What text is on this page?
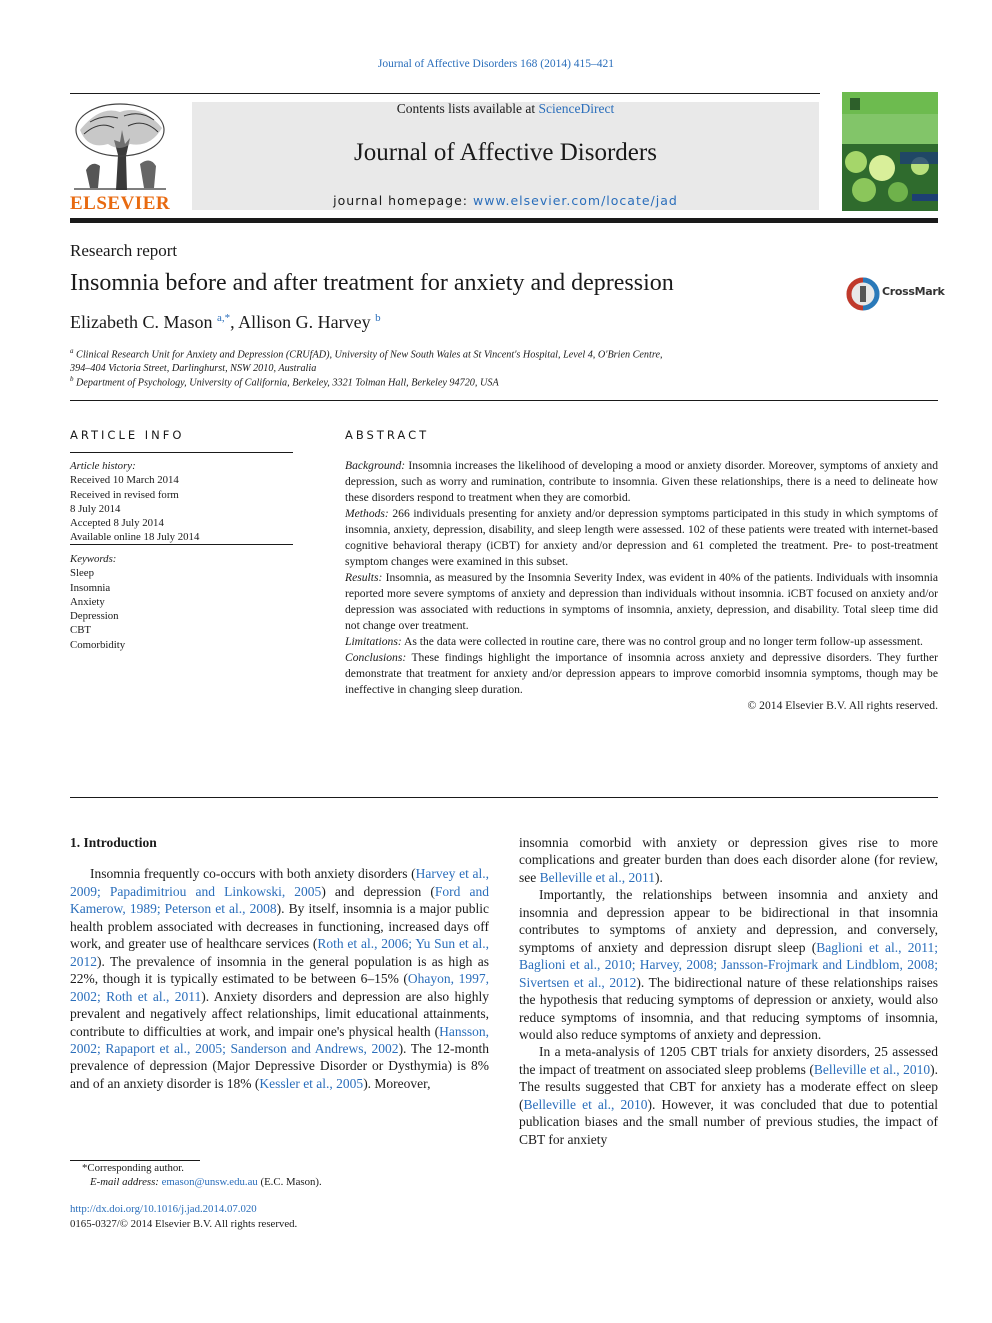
Journal of Affective Disorders 168 (2014) 415–421
ELSEVIER
Contents lists available at ScienceDirect
Journal of Affective Disorders
journal homepage: www.elsevier.com/locate/jad
Research report
Insomnia before and after treatment for anxiety and depression	CrossMark
Elizabeth C. Mason $^{a,*}$, Allison G. Harvey $^b$
$^a$ Clinical Research Unit for Anxiety and Depression (CRUfAD), University of New South Wales at St Vincent's Hospital, Level 4, O'Brien Centre,
394–404 Victoria Street, Darlinghurst, NSW 2010, Australia
$^b$ Department of Psychology, University of California, Berkeley, 3321 Tolman Hall, Berkeley 94720, USA
ARTICLE INFO
Article history:
Received 10 March 2014
Received in revised form
8 July 2014
Accepted 8 July 2014
Available online 18 July 2014
Keywords:
Sleep
Insomnia
Anxiety
Depression
CBT
Comorbidity
ABSTRACT
Background: Insomnia increases the likelihood of developing a mood or anxiety disorder. Moreover, symptoms of anxiety and depression, such as worry and rumination, contribute to insomnia. Given these relationships, there is a need to delineate how these disorders respond to treatment when they are comorbid.
Methods: 266 individuals presenting for anxiety and/or depression symptoms participated in this study in which symptoms of insomnia, anxiety, depression, disability, and sleep length were assessed. 102 of these patients were treated with internet-based cognitive behavioral therapy (iCBT) for anxiety and/or depression and 61 completed the treatment. Pre- to post-treatment symptom changes were examined in this subset.
Results: Insomnia, as measured by the Insomnia Severity Index, was evident in 40% of the patients. Individuals with insomnia reported more severe symptoms of anxiety and depression than individuals without insomnia. iCBT focused on anxiety and/or depression was associated with reductions in symptoms of insomnia, anxiety, depression, and disability. Total sleep time did not change over treatment.
Limitations: As the data were collected in routine care, there was no control group and no longer term follow-up assessment.
Conclusions: These findings highlight the importance of insomnia across anxiety and depressive disorders. They further demonstrate that treatment for anxiety and/or depression appears to improve comorbid insomnia symptoms, though may be ineffective in changing sleep duration.
© 2014 Elsevier B.V. All rights reserved.
1. Introduction

Insomnia frequently co-occurs with both anxiety disorders (Harvey et al., 2009; Papadimitriou and Linkowski, 2005) and depression (Ford and Kamerow, 1989; Peterson et al., 2008). By itself, insomnia is a major public health problem associated with decreases in functioning, increased days off work, and greater use of healthcare services (Roth et al., 2006; Yu Sun et al., 2012). The prevalence of insomnia in the general population is as high as 22%, though it is typically estimated to be between 6–15% (Ohayon, 1997, 2002; Roth et al., 2011). Anxiety disorders and depression are also highly prevalent and negatively affect relationships, limit educational attainments, contribute to difficulties at work, and impair one's physical health (Hansson, 2002; Rapaport et al., 2005; Sanderson and Andrews, 2002). The 12-month prevalence of depression (Major Depressive Disorder or Dysthymia) is 8% and of an anxiety disorder is 18% (Kessler et al., 2005). Moreover,

insomnia comorbid with anxiety or depression gives rise to more complications and greater burden than does each disorder alone (for review, see Belleville et al., 2011).

Importantly, the relationships between insomnia and anxiety and insomnia and depression appear to be bidirectional in that insomnia contributes to symptoms of anxiety and depression, and conversely, symptoms of anxiety and depression disrupt sleep (Baglioni et al., 2011; Baglioni et al., 2010; Harvey, 2008; Jansson-Frojmark and Lindblom, 2008; Sivertsen et al., 2012). The bidirectional nature of these relationships raises the hypothesis that reducing symptoms of depression or anxiety, would also reduce symptoms of insomnia, and that reducing symptoms of insomnia, would also reduce symptoms of anxiety and depression.

In a meta-analysis of 1205 CBT trials for anxiety disorders, 25 assessed the impact of treatment on associated sleep problems (Belleville et al., 2010). The results suggested that CBT for anxiety has a moderate effect on sleep (Belleville et al., 2010). However, it was concluded that due to potential publication biases and the small number of previous studies, the impact of CBT for anxiety

*Corresponding author.
E-mail address: emason@unsw.edu.au (E.C. Mason).
http://dx.doi.org/10.1016/j.jad.2014.07.020
0165-0327/© 2014 Elsevier B.V. All rights reserved.
